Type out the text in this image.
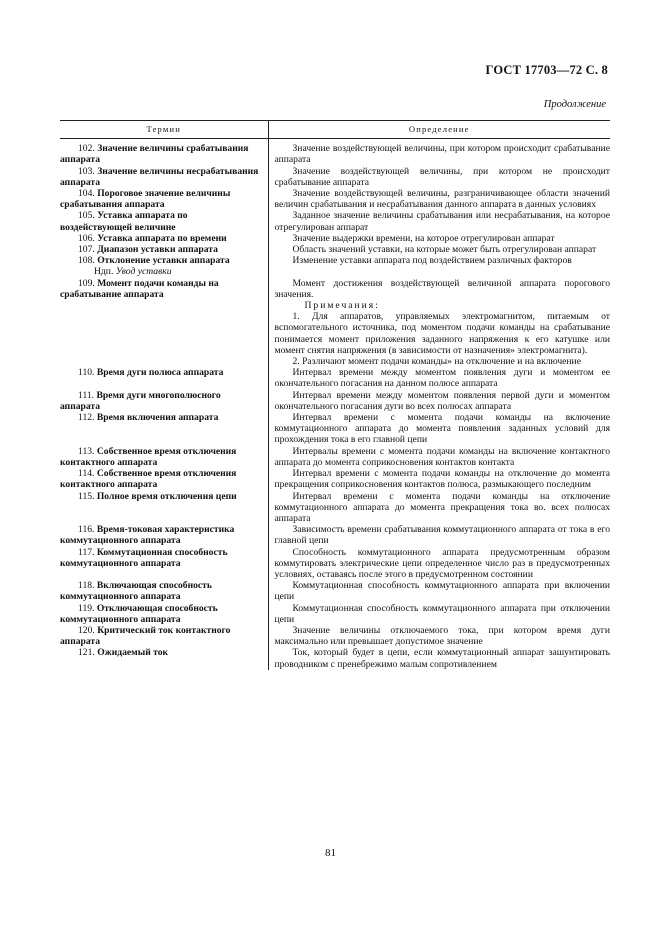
ГОСТ 17703—72 С. 8
Продолжение
Термин	Определение

102. Значение величины срабатывания аппарата	Значение воздействующей величины, при котором происходит срабатывание аппарата

103. Значение величины несрабатывания аппарата	Значение воздействующей величины, при котором не происходит срабатывание аппарата

104. Пороговое значение величины срабатывания аппарата	Значение воздействующей величины, разграничивающее области значений величин срабатывания и несрабатывания данного аппарата в данных условиях

105. Уставка аппарата по воздействующей величине	Заданное значение величины срабатывания или несрабатывания, на которое отрегулирован аппарат

106. Уставка аппарата по времени	Значение выдержки времени, на которое отрегулирован аппарат

107. Диапазон уставки аппарата	Область значений уставки, на которые может быть отрегулирован аппарат

108. Отклонение уставки аппарата
Ндп. Увод уставки	Изменение уставки аппарата под воздействием различных факторов

109. Момент подачи команды на срабатывание аппарата	Момент достижения воздействующей величиной аппарата порогового значения.
Примечания:
1. Для аппаратов, управляемых электромагнитом, питаемым от вспомогательного источника, под моментом подачи команды на срабатывание понимается момент приложения заданного напряжения к его катушке или момент снятия напряжения (в зависимости от назначения» электромагнита).
2. Различают момент подачи команды» на отключение и на включение

110. Время дуги полюса аппарата	Интервал времени между моментом появления дуги и моментом ее окончательного погасания на данном полюсе аппарата

111. Время дуги многополюсного аппарата	Интервал времени между моментом появления первой дуги и моментом окончательного погасания дуги во всех полюсах аппарата

112. Время включения аппарата	Интервал времени с момента подачи команды на включение коммутационного аппарата до момента появления заданных условий для прохождения тока в его главной цепи

113. Собственное время отключения контактного аппарата	Интервалы времени с момента подачи команды на включение контактного аппарата до момента соприкосновения контактов контакта

114. Собственное время отключения контактного аппарата	Интервал времени с момента подачи команды на отключение до момента прекращения соприкосновения контактов полюса, размыкающего последним

115. Полное время отключения цепи	Интервал времени с момента подачи команды на отключение коммутационного аппарата до момента прекращения тока во. всех полюсах аппарата

116. Время-токовая характеристика коммутационного аппарата	Зависимость времени срабатывания коммутационного аппарата от тока в его главной цепи

117. Коммутационная способность коммутационного аппарата	Способность коммутационного аппарата предусмотренным образом коммутировать электрические цепи определенное число раз в предусмотренных условиях, оставаясь после этого в предусмотренном состоянии

118. Включающая способность коммутационного аппарата	Коммутационная способность коммутационного аппарата при включении цепи

119. Отключающая способность коммутационного аппарата	Коммутационная способность коммутационного аппарата при отключении цепи

120. Критический ток контактного аппарата	Значение величины отключаемого тока, при котором время дуги максимально или превышает допустимое значение

121. Ожидаемый ток	Ток, который будет в цепи, если коммутационный аппарат зашунтировать проводником с пренебрежимо малым сопротивлением
81
